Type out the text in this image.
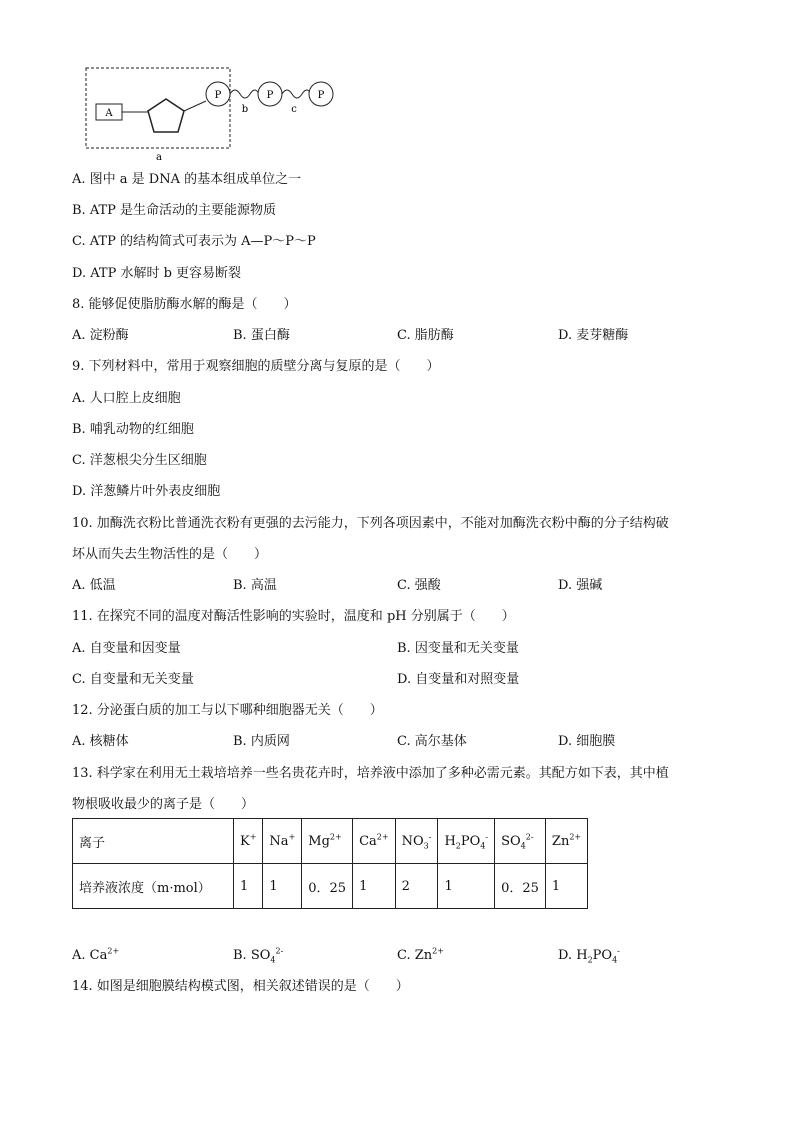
A
P
b
P
c
P
a
A. 图中 a 是 DNA 的基本组成单位之一
B. ATP 是生命活动的主要能源物质
C. ATP 的结构简式可表示为 A—P～P～P
D. ATP 水解时 b 更容易断裂
8. 能够促使脂肪酶水解的酶是（　　）
A. 淀粉酶	B. 蛋白酶	C. 脂肪酶	D. 麦芽糖酶
9. 下列材料中，常用于观察细胞的质壁分离与复原的是（　　）
A. 人口腔上皮细胞
B. 哺乳动物的红细胞
C. 洋葱根尖分生区细胞
D. 洋葱鳞片叶外表皮细胞
10. 加酶洗衣粉比普通洗衣粉有更强的去污能力，下列各项因素中，不能对加酶洗衣粉中酶的分子结构破
坏从而失去生物活性的是（　　）
A. 低温	B. 高温	C. 强酸	D. 强碱
11. 在探究不同的温度对酶活性影响的实验时，温度和 pH 分别属于（　　）
A. 自变量和因变量	B. 因变量和无关变量
C. 自变量和无关变量	D. 自变量和对照变量
12. 分泌蛋白质的加工与以下哪种细胞器无关（　　）
A. 核糖体	B. 内质网	C. 高尔基体	D. 细胞膜
13. 科学家在利用无土栽培培养一些名贵花卉时，培养液中添加了多种必需元素。其配方如下表，其中植
物根吸收最少的离子是（　　）
离子	K+	Na+	$Mg^{2+}$	$Ca^{2+}$	$NO_3^-$	$H_2PO_4^-$	$SO_4^{2-}$	$Zn^{2+}$
培养液浓度（m·mol）	1	1	0．25	1	2	1	0．25	1
A. $Ca^{2+}$	B. $SO_4^{2-}$	C. $Zn^{2+}$	D. $H_2PO_4^-$
14. 如图是细胞膜结构模式图，相关叙述错误的是（　　）
